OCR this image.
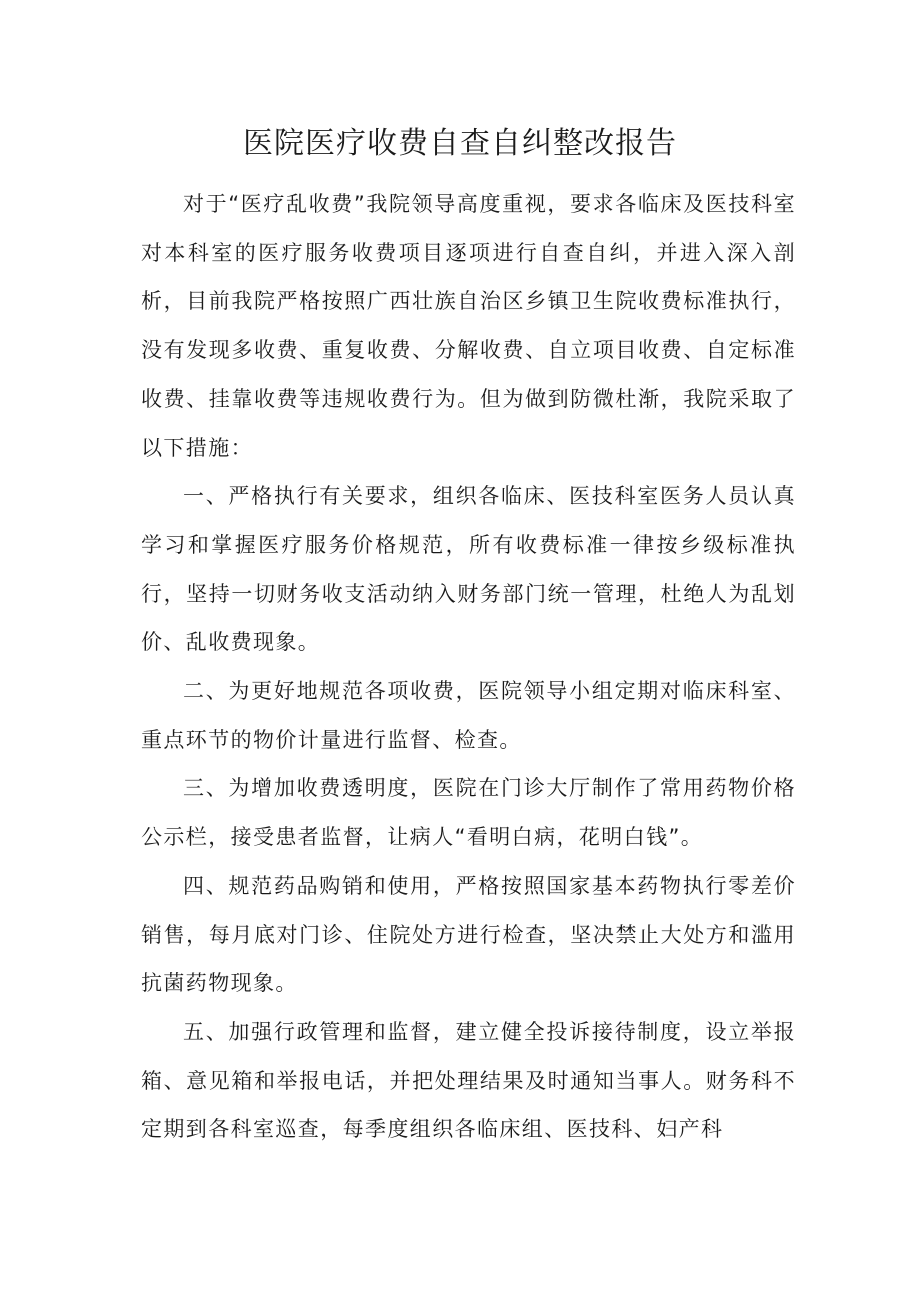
医院医疗收费自查自纠整改报告

对于“医疗乱收费”我院领导高度重视，要求各临床及医技科室对本科室的医疗服务收费项目逐项进行自查自纠，并进入深入剖析，目前我院严格按照广西壮族自治区乡镇卫生院收费标准执行，没有发现多收费、重复收费、分解收费、自立项目收费、自定标准收费、挂靠收费等违规收费行为。但为做到防微杜渐，我院采取了以下措施：

一、严格执行有关要求，组织各临床、医技科室医务人员认真学习和掌握医疗服务价格规范，所有收费标准一律按乡级标准执行，坚持一切财务收支活动纳入财务部门统一管理，杜绝人为乱划价、乱收费现象。

二、为更好地规范各项收费，医院领导小组定期对临床科室、重点环节的物价计量进行监督、检查。

三、为增加收费透明度，医院在门诊大厅制作了常用药物价格公示栏，接受患者监督，让病人“看明白病，花明白钱”。

四、规范药品购销和使用，严格按照国家基本药物执行零差价销售，每月底对门诊、住院处方进行检查，坚决禁止大处方和滥用抗菌药物现象。

五、加强行政管理和监督，建立健全投诉接待制度，设立举报箱、意见箱和举报电话，并把处理结果及时通知当事人。财务科不定期到各科室巡查，每季度组织各临床组、医技科、妇产科
